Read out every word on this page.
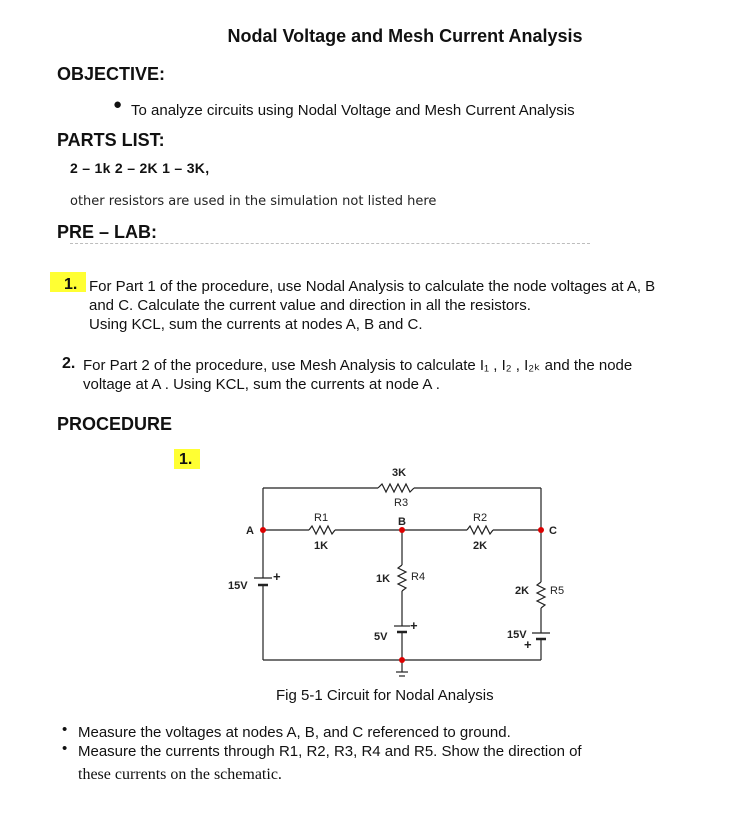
Nodal Voltage and Mesh Current Analysis
OBJECTIVE:
● To analyze circuits using Nodal Voltage and Mesh Current Analysis
PARTS LIST:
2 – 1k 2 – 2K 1 – 3K,
other resistors are used in the simulation not listed here
PRE – LAB:
1. For Part 1 of the procedure, use Nodal Analysis to calculate the node voltages at A, B
and C. Calculate the current value and direction in all the resistors.
Using KCL, sum the currents at nodes A, B and C.
2. For Part 2 of the procedure, use Mesh Analysis to calculate I₁ , I₂ , I₂ₖ and the node
voltage at A . Using KCL, sum the currents at node A .
PROCEDURE
1.
3K
R3
B
R1
1K
R2
2K
A	C
15V
+	1K R4
5V
+
2K R5
15V
+
Fig 5-1 Circuit for Nodal Analysis
• Measure the voltages at nodes A, B, and C referenced to ground.
• Measure the currents through R1, R2, R3, R4 and R5. Show the direction of
these currents on the schematic.
